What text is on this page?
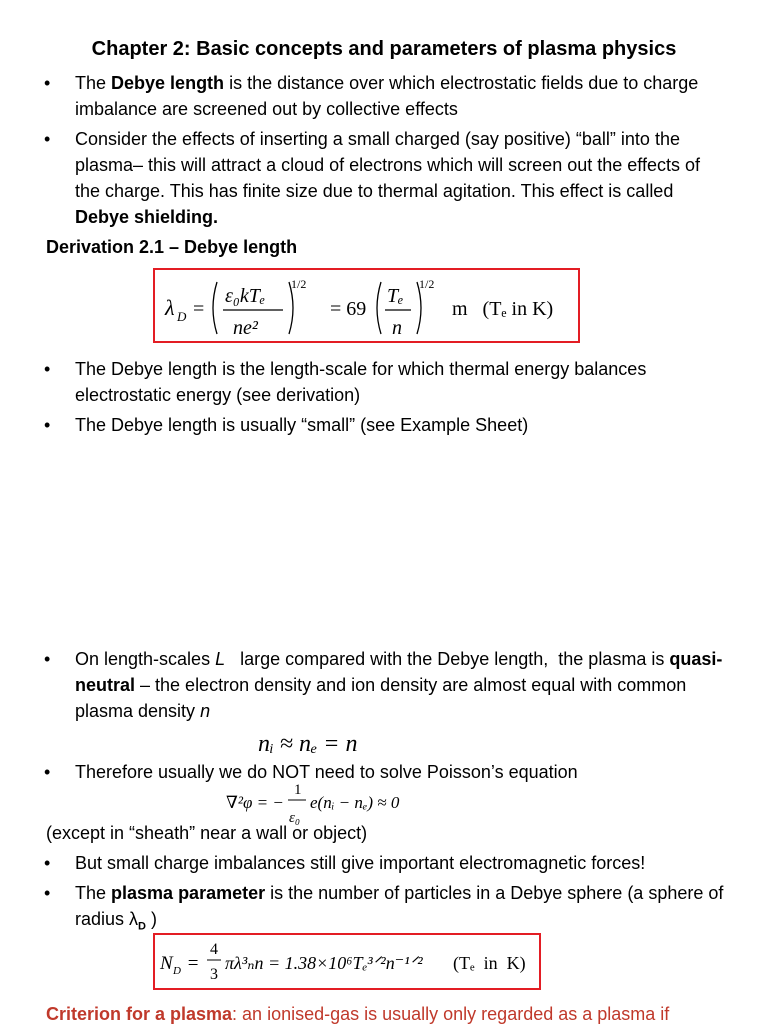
Chapter 2: Basic concepts and parameters of plasma physics
• The Debye length is the distance over which electrostatic fields due to charge imbalance are screened out by collective effects
• Consider the effects of inserting a small charged (say positive) “ball” into the plasma– this will attract a cloud of electrons which will screen out the effects of the charge. This has finite size due to thermal agitation. This effect is called Debye shielding.
Derivation 2.1 – Debye length
λ D =
ε₀kTₑ
ne²
1/2
= 69
Tₑ
n
1/2
m   (Tₑ in K)
• The Debye length is the length-scale for which thermal energy balances electrostatic energy (see derivation)
• The Debye length is usually “small” (see Example Sheet)
• On length-scales L   large compared with the Debye length,  the plasma is quasi-neutral – the electron density and ion density are almost equal with common plasma density n
nᵢ ≈ nₑ = n
• Therefore usually we do NOT need to solve Poisson’s equation
∇²φ = −
1
ε₀
e(nᵢ − nₑ) ≈ 0
(except in “sheath” near a wall or object)
• But small charge imbalances still give important electromagnetic forces!
• The plasma parameter is the number of particles in a Debye sphere (a sphere of radius $\lambda_D$ )
N D =
4
3
πλ³ₙn = 1.38×10⁶Tₑ³ᐟ²n⁻¹ᐟ² (Tₑ  in  K)
Criterion for a plasma: an ionised-gas is usually only regarded as a plasma if
